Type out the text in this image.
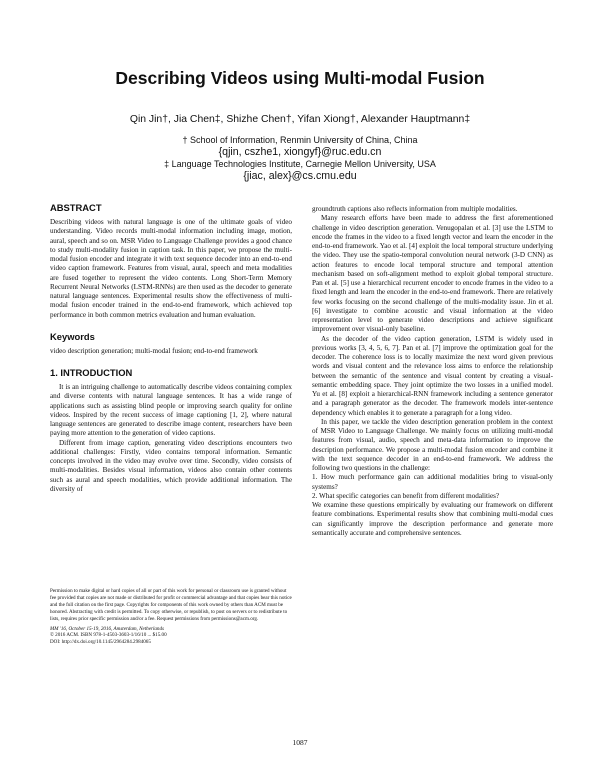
Describing Videos using Multi-modal Fusion
Qin Jin†, Jia Chen‡, Shizhe Chen†, Yifan Xiong†, Alexander Hauptmann‡
† School of Information, Renmin University of China, China
{qjin, cszhe1, xiongyf}@ruc.edu.cn
‡ Language Technologies Institute, Carnegie Mellon University, USA
{jiac, alex}@cs.cmu.edu
ABSTRACT

Describing videos with natural language is one of the ultimate goals of video understanding. Video records multi-modal information including image, motion, aural, speech and so on. MSR Video to Language Challenge provides a good chance to study multi-modality fusion in caption task. In this paper, we propose the multi-modal fusion encoder and integrate it with text sequence decoder into an end-to-end video caption framework. Features from visual, aural, speech and meta modalities are fused together to represent the video contents. Long Short-Term Memory Recurrent Neural Networks (LSTM-RNNs) are then used as the decoder to generate natural language sentences. Experimental results show the effectiveness of multi-modal fusion encoder trained in the end-to-end framework, which achieved top performance in both common metrics evaluation and human evaluation.

Keywords

video description generation; multi-modal fusion; end-to-end framework

1. INTRODUCTION

It is an intriguing challenge to automatically describe videos containing complex and diverse contents with natural language sentences. It has a wide range of applications such as assisting blind people or improving search quality for online videos. Inspired by the recent success of image captioning [1, 2], where natural language sentences are generated to describe image content, researchers have been paying more attention to the generation of video captions.

Different from image caption, generating video descriptions encounters two additional challenges: Firstly, video contains temporal information. Semantic concepts involved in the video may evolve over time. Secondly, video consists of multi-modalities. Besides visual information, videos also contain other contents such as aural and speech modalities, which provide additional information. The diversity of

Permission to make digital or hard copies of all or part of this work for personal or classroom use is granted without fee provided that copies are not made or distributed for profit or commercial advantage and that copies bear this notice and the full citation on the first page. Copyrights for components of this work owned by others than ACM must be honored. Abstracting with credit is permitted. To copy otherwise, or republish, to post on servers or to redistribute to lists, requires prior specific permission and/or a fee. Request permissions from permissions@acm.org.

MM '16, October 15-19, 2016, Amsterdam, Netherlands

© 2016 ACM. ISBN 978-1-4503-3603-1/16/10 ... $15.00

DOI: http://dx.doi.org/10.1145/2964284.2984065

groundtruth captions also reflects information from multiple modalities.

Many research efforts have been made to address the first aforementioned challenge in video description generation. Venugopalan et al. [3] use the LSTM to encode the frames in the video to a fixed length vector and learn the encoder in the end-to-end framework. Yao et al. [4] exploit the local temporal structure underlying the video. They use the spatio-temporal convolution neural network (3-D CNN) as action features to encode local temporal structure and temporal attention mechanism based on soft-alignment method to exploit global temporal structure. Pan et al. [5] use a hierarchical recurrent encoder to encode frames in the video to a fixed length and learn the encoder in the end-to-end framework. There are relatively few works focusing on the second challenge of the multi-modality issue. Jin et al. [6] investigate to combine acoustic and visual information at the video representation level to generate video descriptions and achieve significant improvement over visual-only baseline.

As the decoder of the video caption generation, LSTM is widely used in previous works [3, 4, 5, 6, 7]. Pan et al. [7] improve the optimization goal for the decoder. The coherence loss is to locally maximize the next word given previous words and visual content and the relevance loss aims to enforce the relationship between the semantic of the sentence and visual content by creating a visual-semantic embedding space. They joint optimize the two losses in a unified model. Yu et al. [8] exploit a hierarchical-RNN framework including a sentence generator and a paragraph generator as the decoder. The framework models inter-sentence dependency which enables it to generate a paragraph for a long video.

In this paper, we tackle the video description generation problem in the context of MSR Video to Language Challenge. We mainly focus on utilizing multi-modal features from visual, audio, speech and meta-data information to improve the description performance. We propose a multi-modal fusion encoder and combine it with the text sequence decoder in an end-to-end framework. We address the following two questions in the challenge:

1. How much performance gain can additional modalities bring to visual-only systems?

2. What specific categories can benefit from different modalities?

We examine these questions empirically by evaluating our framework on different feature combinations. Experimental results show that combining multi-modal cues can significantly improve the description performance and generate more semantically accurate and comprehensive sentences.

1087
